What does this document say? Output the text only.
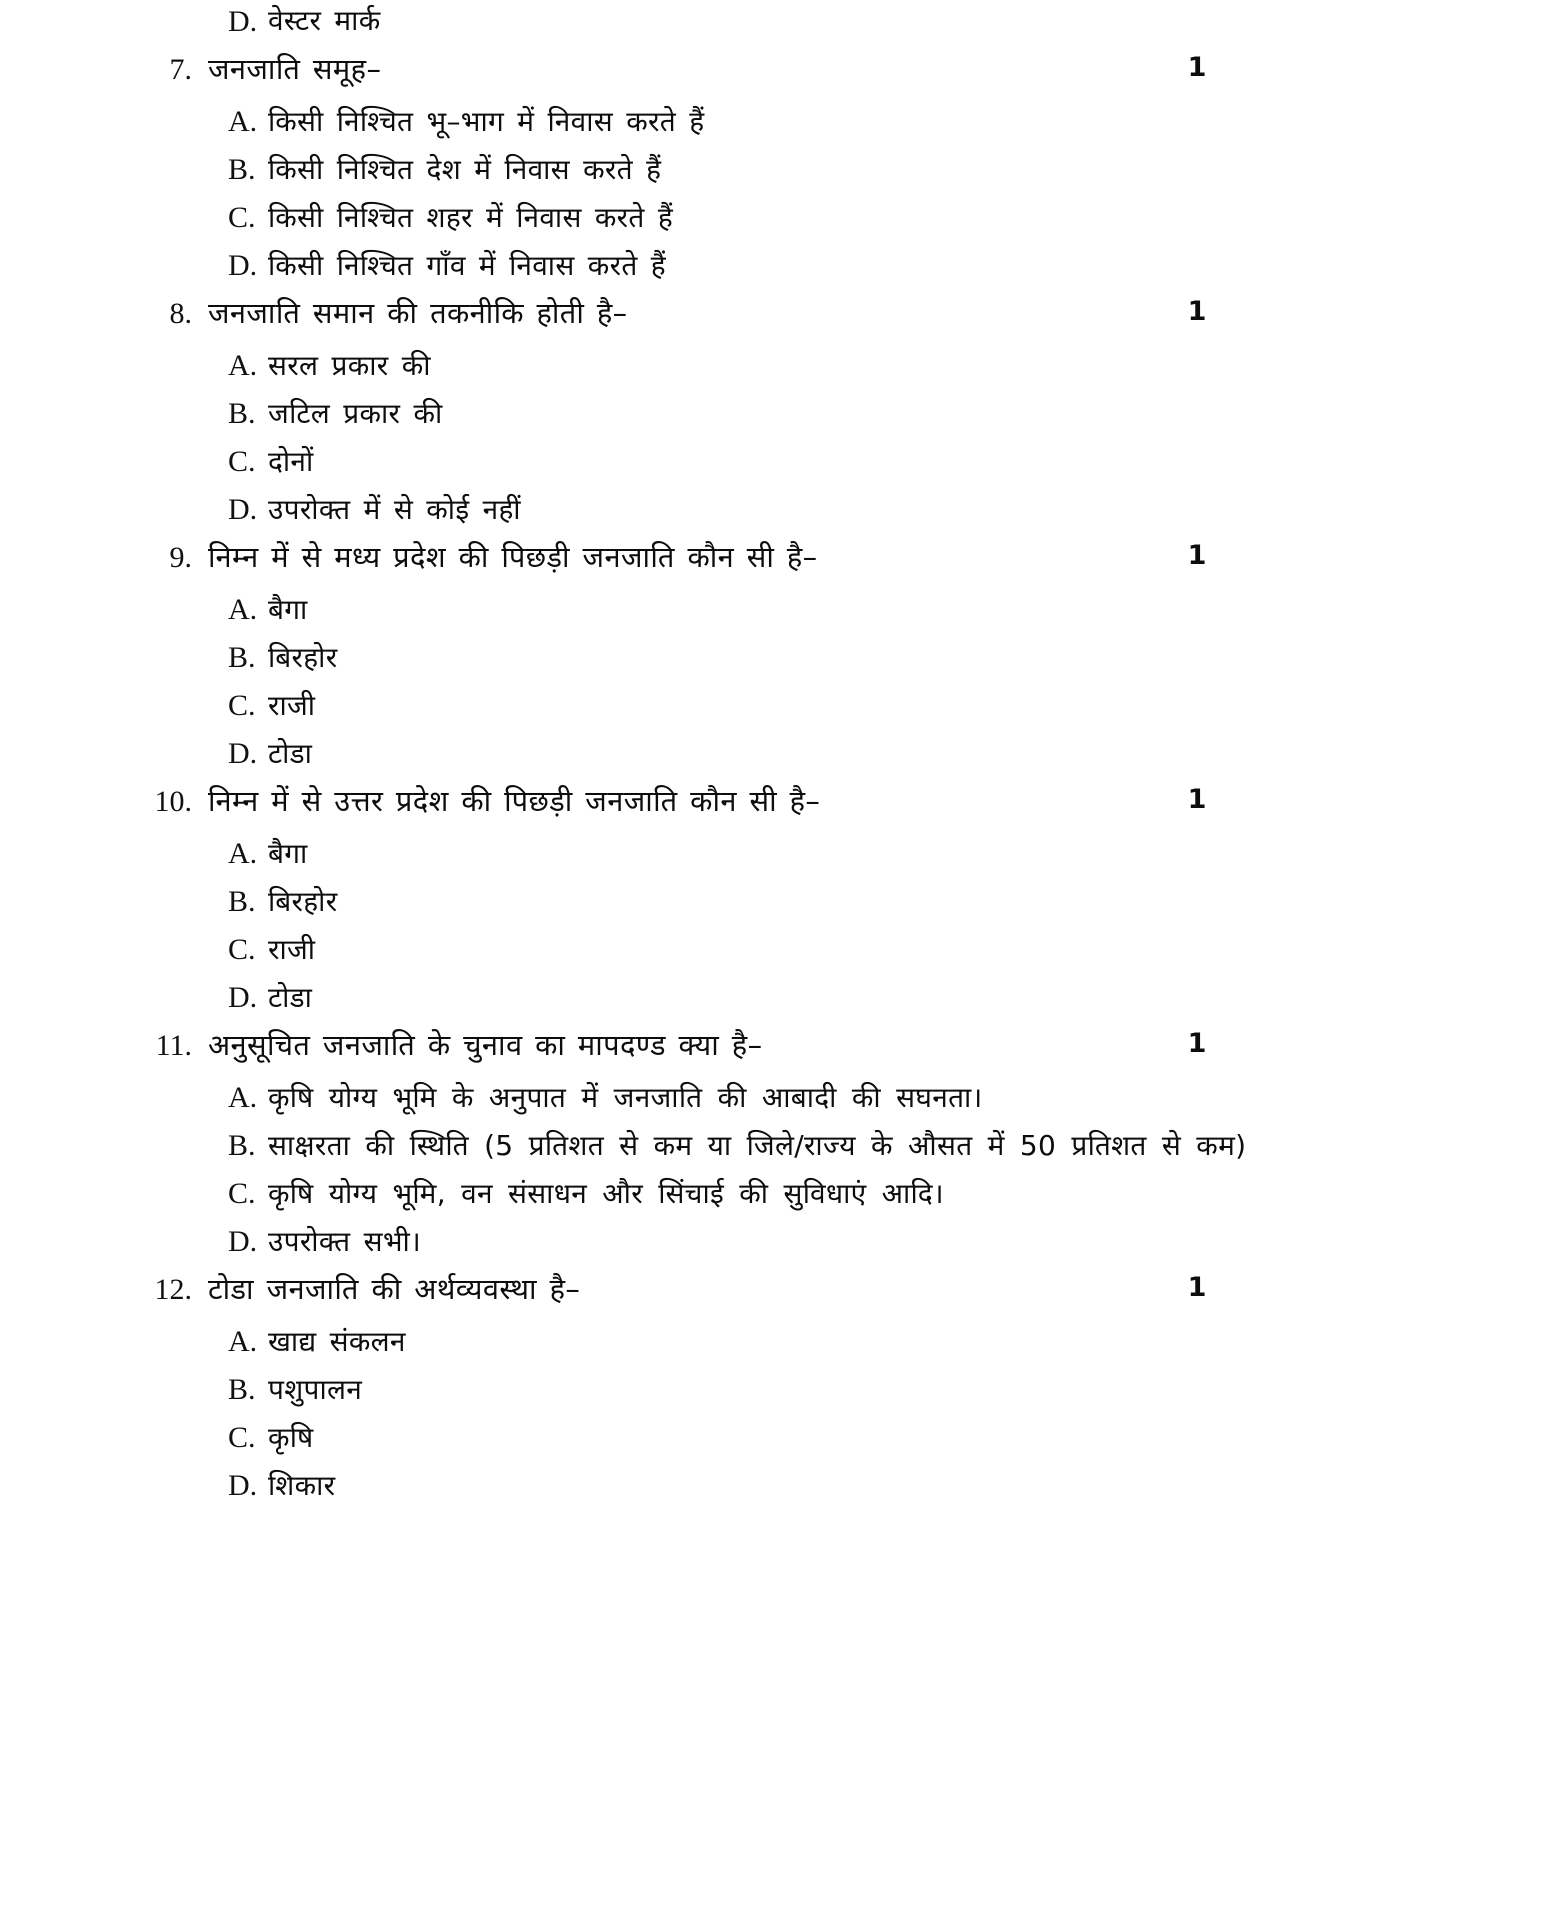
D. वेस्टर मार्क
7. जनजाति समूह–	1
A. किसी निश्चित भू–भाग में निवास करते हैं
B. किसी निश्चित देश में निवास करते हैं
C. किसी निश्चित शहर में निवास करते हैं
D. किसी निश्चित गाँव में निवास करते हैं
8. जनजाति समान की तकनीकि होती है–	1
A. सरल प्रकार की
B. जटिल प्रकार की
C. दोनों
D. उपरोक्त में से कोई नहीं
9. निम्न में से मध्य प्रदेश की पिछड़ी जनजाति कौन सी है–	1
A. बैगा
B. बिरहोर
C. राजी
D. टोडा
10. निम्न में से उत्तर प्रदेश की पिछड़ी जनजाति कौन सी है–	1
A. बैगा
B. बिरहोर
C. राजी
D. टोडा
11. अनुसूचित जनजाति के चुनाव का मापदण्ड क्या है–	1
A. कृषि योग्य भूमि के अनुपात में जनजाति की आबादी की सघनता।
B. साक्षरता की स्थिति (5 प्रतिशत से कम या जिले/राज्य के औसत में 50 प्रतिशत से कम)
C. कृषि योग्य भूमि, वन संसाधन और सिंचाई की सुविधाएं आदि।
D. उपरोक्त सभी।
12. टोडा जनजाति की अर्थव्यवस्था है–	1
A. खाद्य संकलन
B. पशुपालन
C. कृषि
D. शिकार
